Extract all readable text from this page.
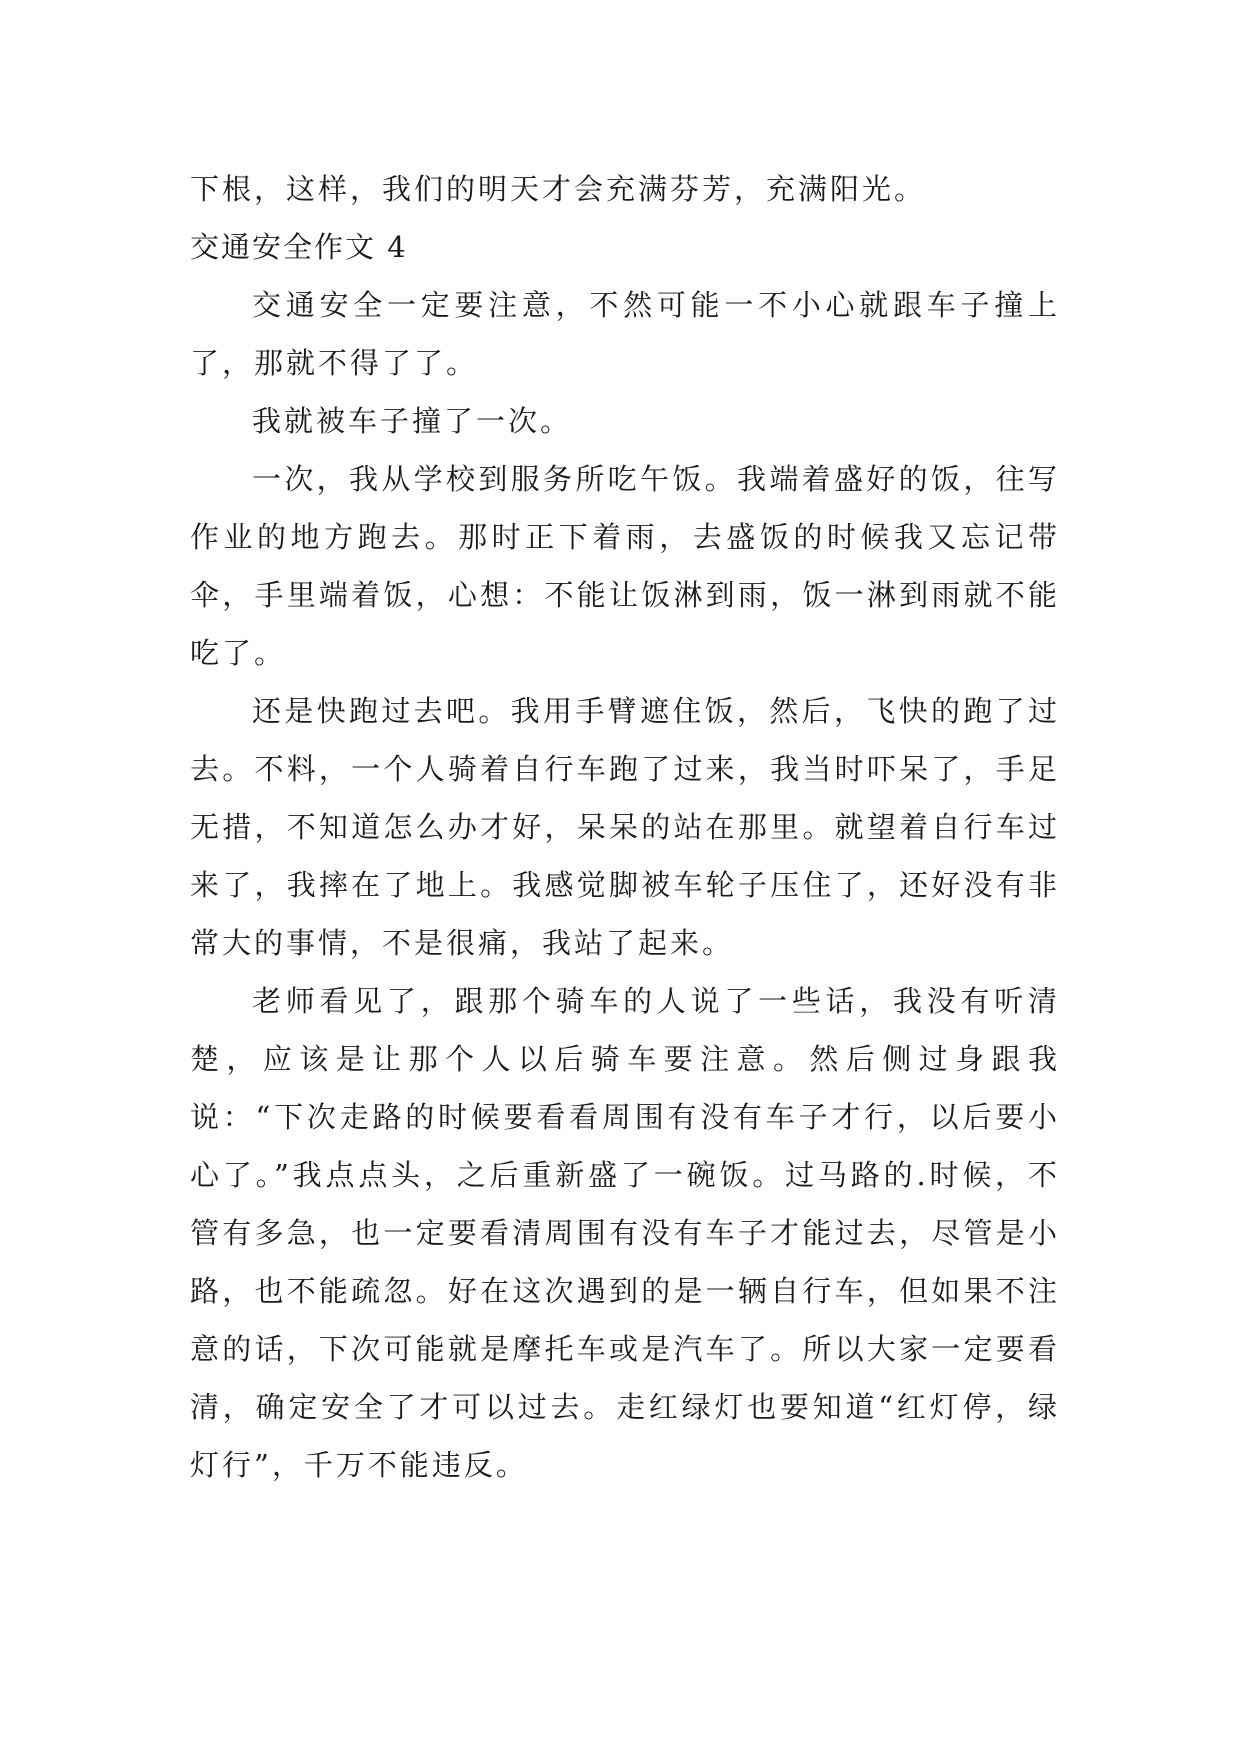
下根，这样，我们的明天才会充满芬芳，充满阳光。

交通安全作文 4

交通安全一定要注意，不然可能一不小心就跟车子撞上了，那就不得了了。

我就被车子撞了一次。

一次，我从学校到服务所吃午饭。我端着盛好的饭，往写作业的地方跑去。那时正下着雨，去盛饭的时候我又忘记带伞，手里端着饭，心想：不能让饭淋到雨，饭一淋到雨就不能吃了。

还是快跑过去吧。我用手臂遮住饭，然后，飞快的跑了过去。不料，一个人骑着自行车跑了过来，我当时吓呆了，手足无措，不知道怎么办才好，呆呆的站在那里。就望着自行车过来了，我摔在了地上。我感觉脚被车轮子压住了，还好没有非常大的事情，不是很痛，我站了起来。

老师看见了，跟那个骑车的人说了一些话，我没有听清楚，应该是让那个人以后骑车要注意。然后侧过身跟我说：“下次走路的时候要看看周围有没有车子才行，以后要小心了。”我点点头，之后重新盛了一碗饭。过马路的.时候，不管有多急，也一定要看清周围有没有车子才能过去，尽管是小路，也不能疏忽。好在这次遇到的是一辆自行车，但如果不注意的话，下次可能就是摩托车或是汽车了。所以大家一定要看清，确定安全了才可以过去。走红绿灯也要知道“红灯停，绿灯行”，千万不能违反。
